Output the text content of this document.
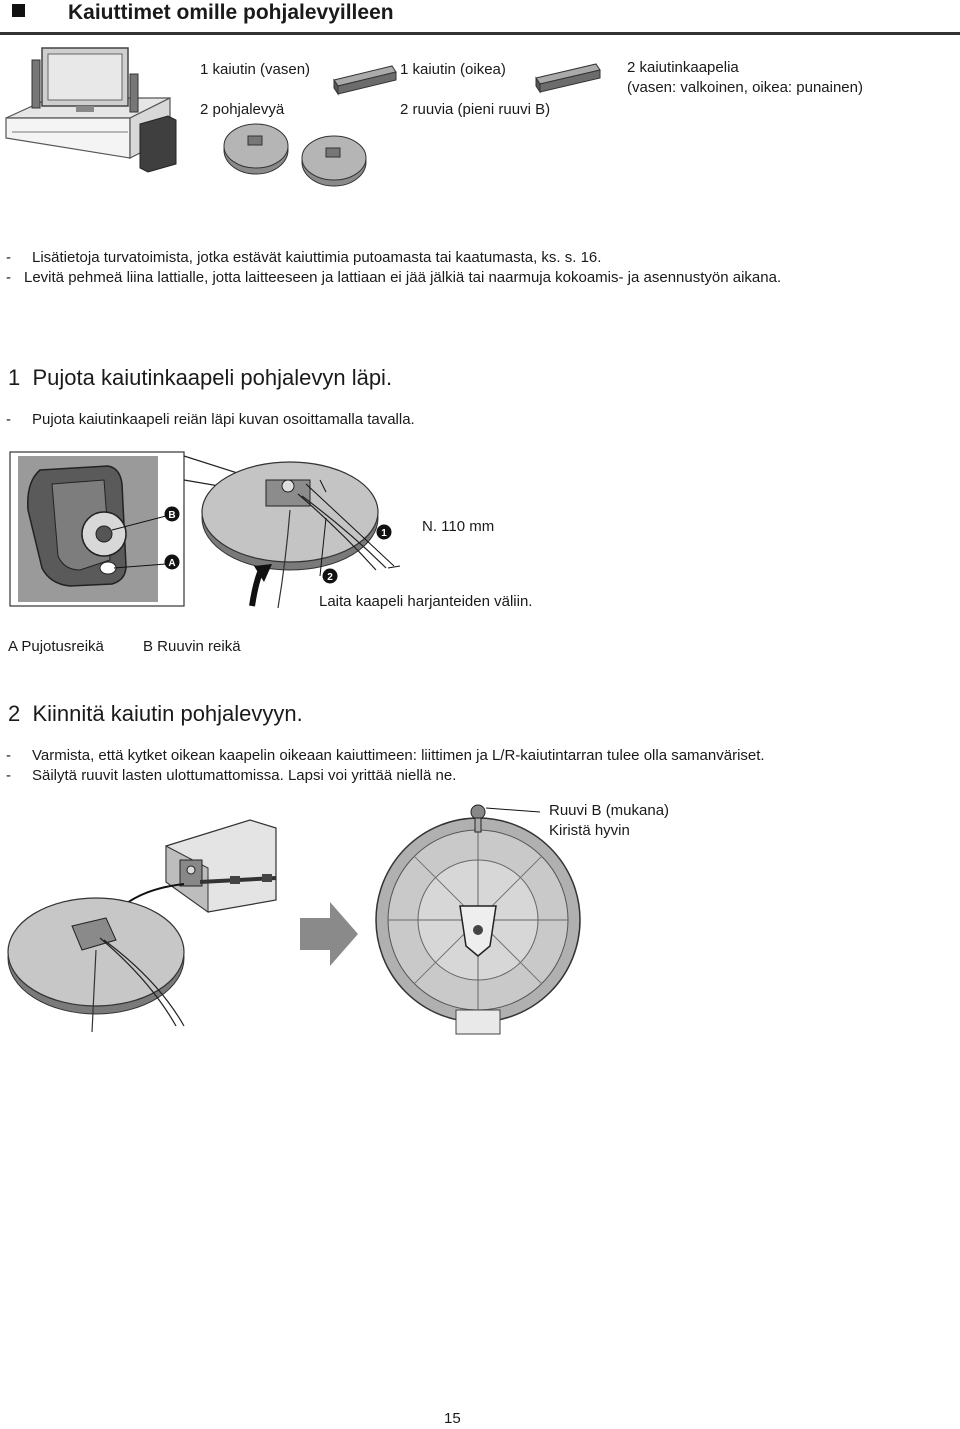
Kaiuttimet omille pohjalevyilleen
1 kaiutin (vasen)	1 kaiutin (oikea)	2 kaiutinkaapelia
(vasen: valkoinen, oikea: punainen)
2 pohjalevyä	2 ruuvia (pieni ruuvi B)
- Lisätietoja turvatoimista, jotka estävät kaiuttimia putoamasta tai kaatumasta, ks. s. 16.
- Levitä pehmeä liina lattialle, jotta laitteeseen ja lattiaan ei jää jälkiä tai naarmuja kokoamis- ja asennustyön aikana.
1 Pujota kaiutinkaapeli pohjalevyn läpi.
- Pujota kaiutinkaapeli reiän läpi kuvan osoittamalla tavalla.
B
A
1
2
N. 110 mm
Laita kaapeli harjanteiden väliin.
A Pujotusreikä	B Ruuvin reikä
2 Kiinnitä kaiutin pohjalevyyn.
- Varmista, että kytket oikean kaapelin oikeaan kaiuttimeen: liittimen ja L/R-kaiutintarran tulee olla samanväriset.
- Säilytä ruuvit lasten ulottumattomissa. Lapsi voi yrittää niellä ne.
Ruuvi B (mukana)
Kiristä hyvin
15
